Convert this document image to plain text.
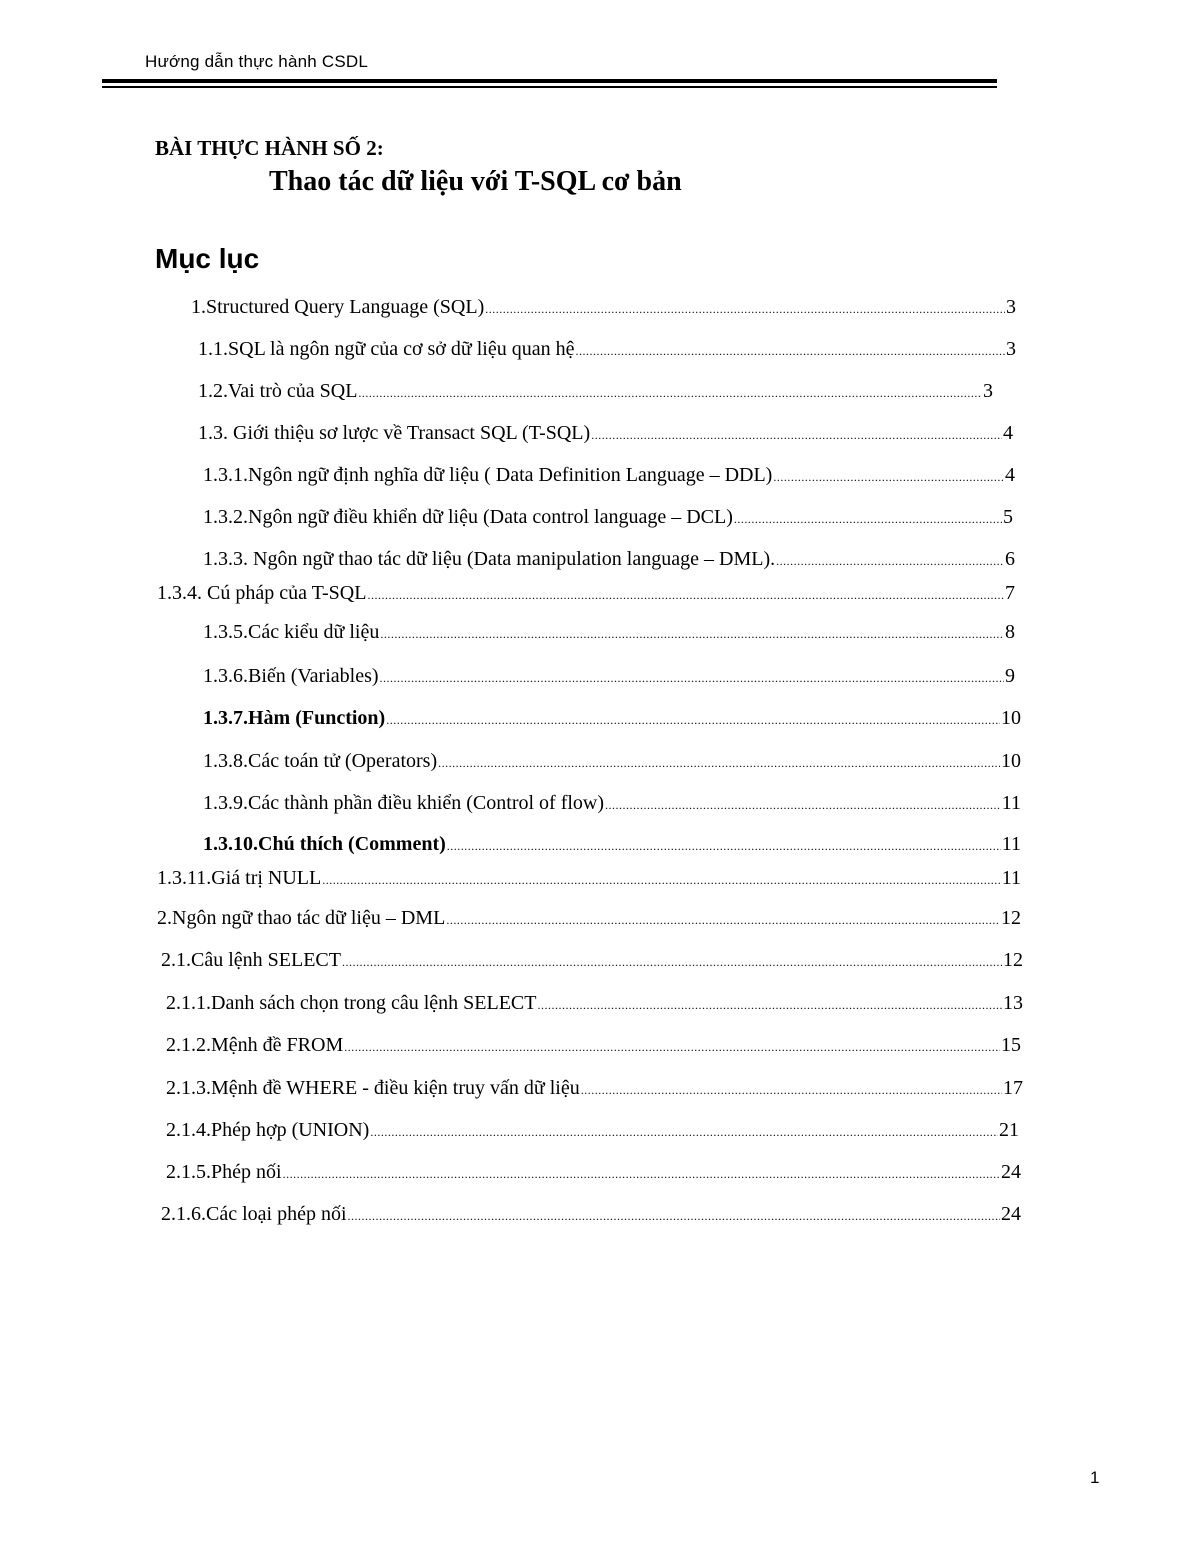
Hướng dẫn thực hành CSDL
BÀI THỰC HÀNH SỐ 2:
Thao tác dữ liệu với T-SQL cơ bản
Mục lục
1.Structured Query Language (SQL) .....	3
1.1.SQL là ngôn ngữ của cơ sở dữ liệu quan hệ .....	3
1.2.Vai trò của SQL .....	3
1.3. Giới thiệu sơ lược về Transact SQL (T-SQL) .....	4
1.3.1.Ngôn ngữ định nghĩa dữ liệu ( Data Definition Language – DDL) .....	4
1.3.2.Ngôn ngữ điều khiển dữ liệu (Data control language – DCL) .....	5
1.3.3. Ngôn ngữ thao tác dữ liệu (Data manipulation language – DML). .....	6
1.3.4. Cú pháp của T-SQL .....	7
1.3.5.Các kiểu dữ liệu .....	8
1.3.6.Biến (Variables) .....	9
1.3.7.Hàm (Function) .....	10
1.3.8.Các toán tử (Operators) .....	10
1.3.9.Các thành phần điều khiển (Control of flow) .....	11
1.3.10.Chú thích (Comment) .....	11
1.3.11.Giá trị NULL .....	11
2.Ngôn ngữ thao tác dữ liệu – DML .....	12
2.1.Câu lệnh SELECT .....	12
2.1.1.Danh sách chọn trong câu lệnh SELECT .....	13
2.1.2.Mệnh đề FROM .....	15
2.1.3.Mệnh đề WHERE - điều kiện truy vấn dữ liệu .....	17
2.1.4.Phép hợp (UNION) .....	21
2.1.5.Phép nối .....	24
2.1.6.Các loại phép nối .....	24
1
